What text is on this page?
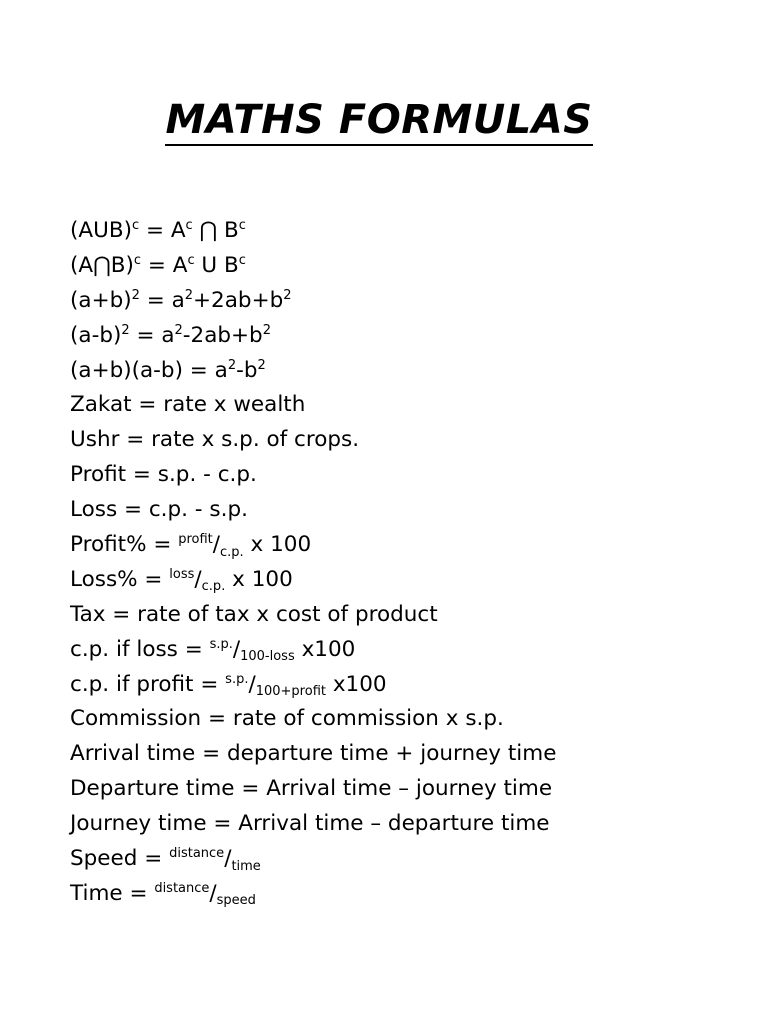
MATHS FORMULAS
$(AUB)^c = A^c$ ⋂ $B^c$
(A⋂B)$^c$ = $A^c$ U $B^c$
$(a+b)^2 = a^2+2ab+b^2$
$(a-b)^2 = a^2-2ab+b^2$
$(a+b)(a-b) = a^2-b^2$
Zakat = rate x wealth
Ushr = rate x s.p. of crops.
Profit = s.p. - c.p.
Loss = c.p. - s.p.
Profit% = $^{profit}/_{c.p.}$ x 100
Loss% = $^{loss}/_{c.p.}$ x 100
Tax = rate of tax x cost of product
c.p. if loss = $^{s.p.}/_{100-loss}$ x100
c.p. if profit = $^{s.p.}/_{100+profit}$ x100
Commission = rate of commission x s.p.
Arrival time = departure time + journey time
Departure time = Arrival time – journey time
Journey time = Arrival time – departure time
Speed = $^{distance}/_{time}$
Time = $^{distance}/_{speed}$
